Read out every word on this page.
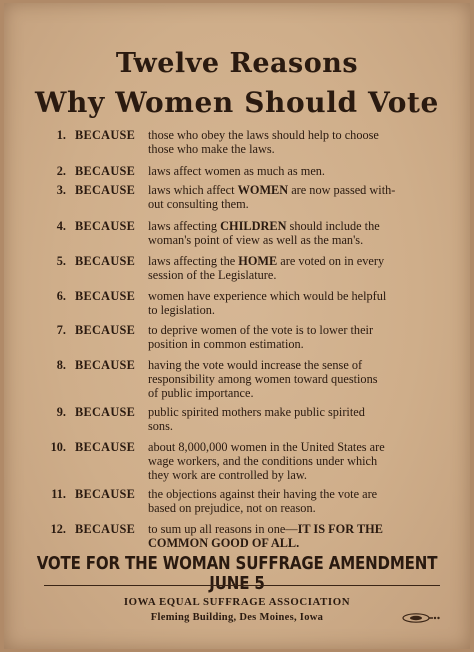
Twelve Reasons
Why Women Should Vote
1. BECAUSE those who obey the laws should help to choose
those who make the laws.
2. BECAUSE laws affect women as much as men.
3. BECAUSE laws which affect WOMEN are now passed with-
out consulting them.
4. BECAUSE laws affecting CHILDREN should include the
woman's point of view as well as the man's.
5. BECAUSE laws affecting the HOME are voted on in every
session of the Legislature.
6. BECAUSE women have experience which would be helpful
to legislation.
7. BECAUSE to deprive women of the vote is to lower their
position in common estimation.
8. BECAUSE having the vote would increase the sense of
responsibility among women toward questions
of public importance.
9. BECAUSE public spirited mothers make public spirited
sons.
10. BECAUSE about 8,000,000 women in the United States are
wage workers, and the conditions under which
they work are controlled by law.
11. BECAUSE the objections against their having the vote are
based on prejudice, not on reason.
12. BECAUSE to sum up all reasons in one—IT IS FOR THE
COMMON GOOD OF ALL.
VOTE FOR THE WOMAN SUFFRAGE AMENDMENT JUNE 5
IOWA EQUAL SUFFRAGE ASSOCIATION
Fleming Building, Des Moines, Iowa
